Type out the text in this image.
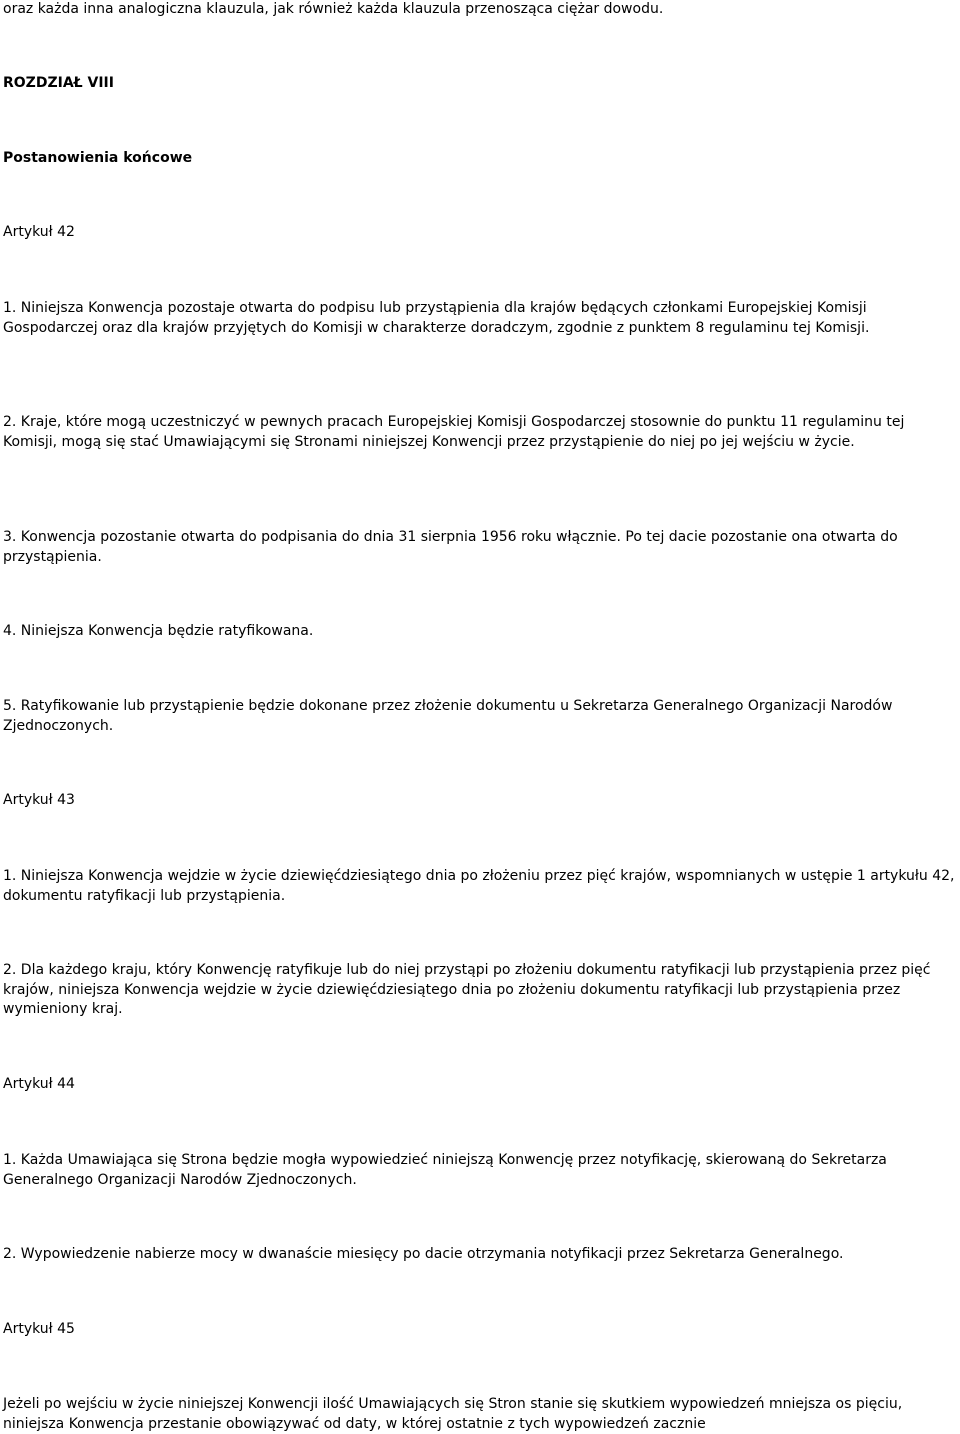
oraz każda inna analogiczna klauzula, jak również każda klauzula przenosząca ciężar dowodu.

ROZDZIAŁ VIII

Postanowienia końcowe

Artykuł 42

1. Niniejsza Konwencja pozostaje otwarta do podpisu lub przystąpienia dla krajów będących członkami Europejskiej Komisji Gospodarczej oraz dla krajów przyjętych do Komisji w charakterze doradczym, zgodnie z punktem 8 regulaminu tej Komisji.

2. Kraje, które mogą uczestniczyć w pewnych pracach Europejskiej Komisji Gospodarczej stosownie do punktu 11 regulaminu tej Komisji, mogą się stać Umawiającymi się Stronami niniejszej Konwencji przez przystąpienie do niej po jej wejściu w życie.

3. Konwencja pozostanie otwarta do podpisania do dnia 31 sierpnia 1956 roku włącznie. Po tej dacie pozostanie ona otwarta do przystąpienia.

4. Niniejsza Konwencja będzie ratyfikowana.

5. Ratyfikowanie lub przystąpienie będzie dokonane przez złożenie dokumentu u Sekretarza Generalnego Organizacji Narodów Zjednoczonych.

Artykuł 43

1. Niniejsza Konwencja wejdzie w życie dziewięćdziesiątego dnia po złożeniu przez pięć krajów, wspomnianych w ustępie 1 artykułu 42, dokumentu ratyfikacji lub przystąpienia.

2. Dla każdego kraju, który Konwencję ratyfikuje lub do niej przystąpi po złożeniu dokumentu ratyfikacji lub przystąpienia przez pięć krajów, niniejsza Konwencja wejdzie w życie dziewięćdziesiątego dnia po złożeniu dokumentu ratyfikacji lub przystąpienia przez wymieniony kraj.

Artykuł 44

1. Każda Umawiająca się Strona będzie mogła wypowiedzieć niniejszą Konwencję przez notyfikację, skierowaną do Sekretarza Generalnego Organizacji Narodów Zjednoczonych.

2. Wypowiedzenie nabierze mocy w dwanaście miesięcy po dacie otrzymania notyfikacji przez Sekretarza Generalnego.

Artykuł 45

Jeżeli po wejściu w życie niniejszej Konwencji ilość Umawiających się Stron stanie się skutkiem wypowiedzeń mniejsza os pięciu, niniejsza Konwencja przestanie obowiązywać od daty, w której ostatnie z tych wypowiedzeń zacznie
